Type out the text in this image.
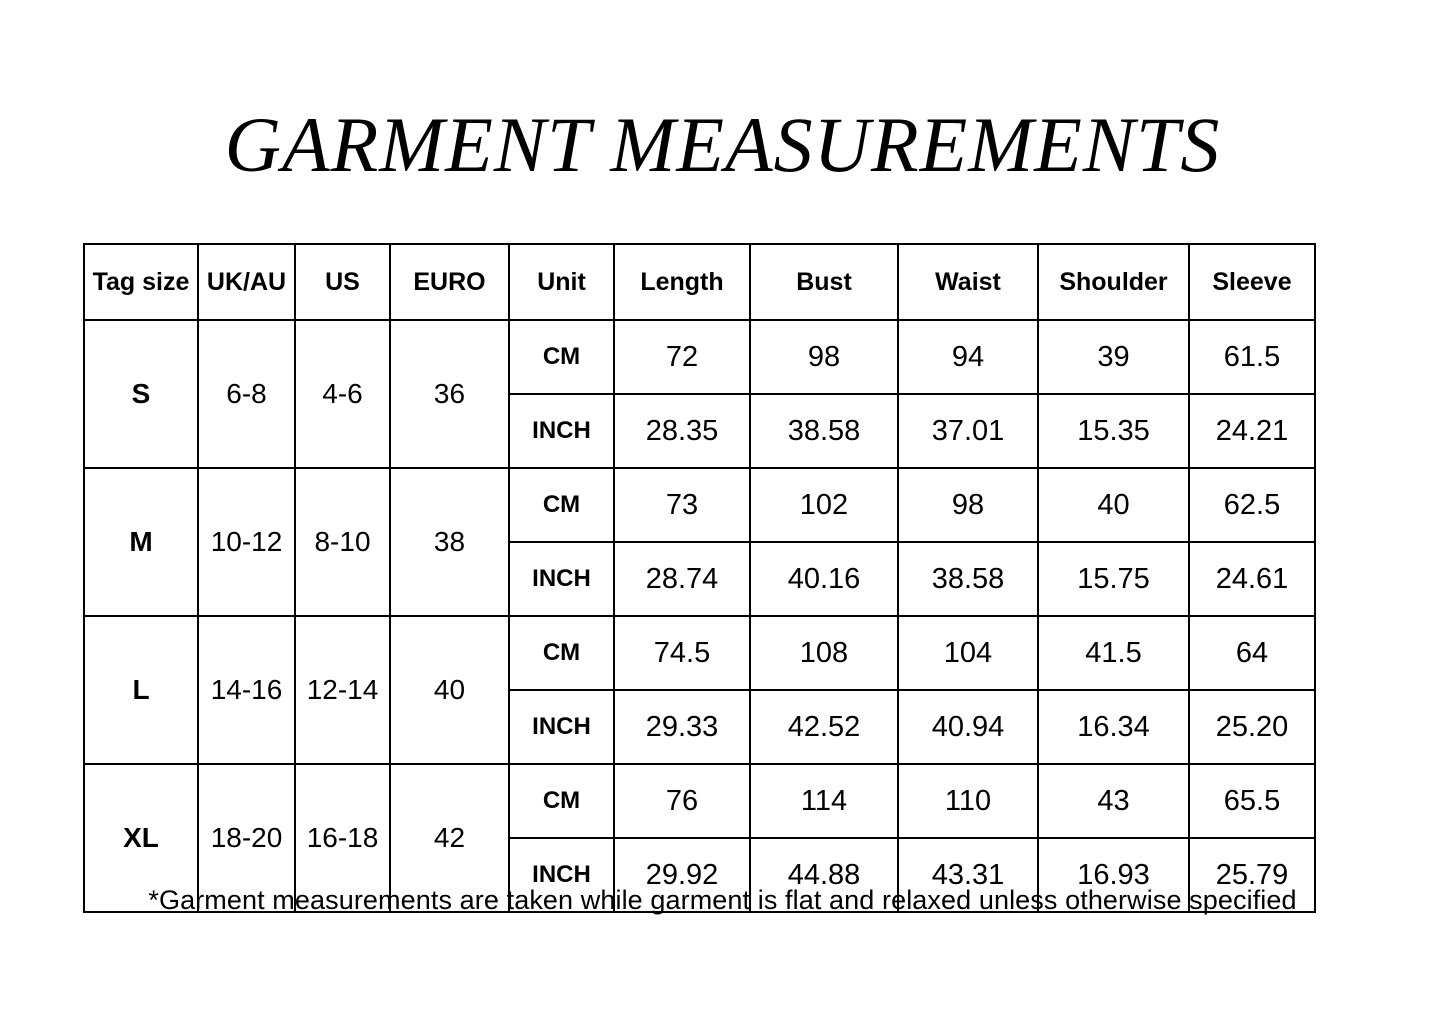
GARMENT MEASUREMENTS
Tag size	UK/AU	US	EURO	Unit	Length	Bust	Waist	Shoulder	Sleeve
S	6-8	4-6	36	CM	72	98	94	39	61.5
				INCH	28.35	38.58	37.01	15.35	24.21
M	10-12	8-10	38	CM	73	102	98	40	62.5
				INCH	28.74	40.16	38.58	15.75	24.61
L	14-16	12-14	40	CM	74.5	108	104	41.5	64
				INCH	29.33	42.52	40.94	16.34	25.20
XL	18-20	16-18	42	CM	76	114	110	43	65.5
				INCH	29.92	44.88	43.31	16.93	25.79
*Garment measurements are taken while garment is flat and relaxed unless otherwise specified
